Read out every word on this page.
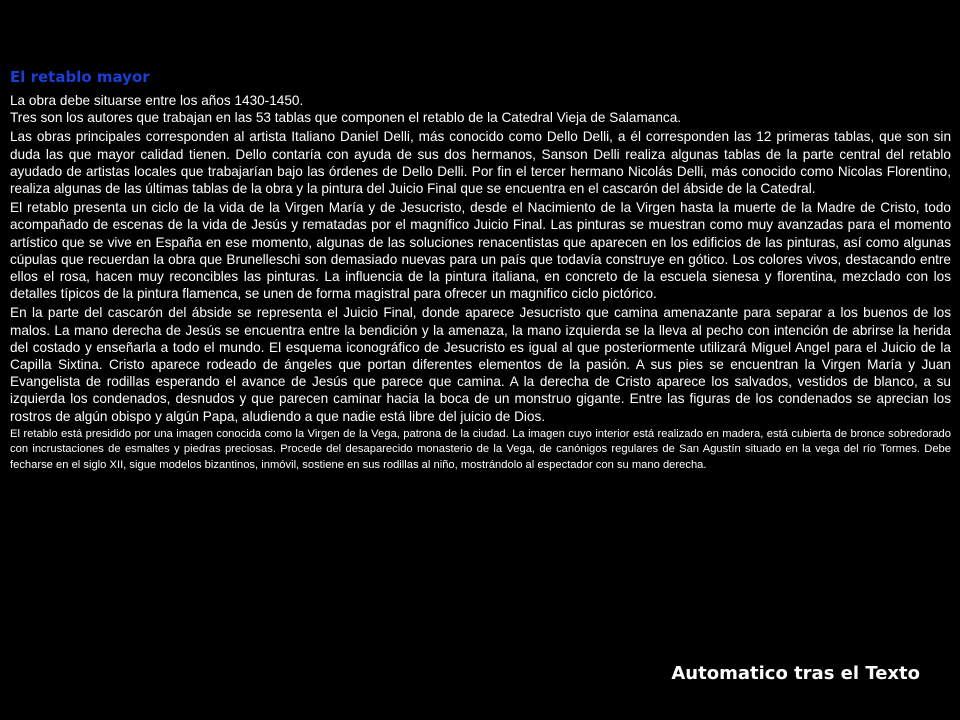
El retablo mayor

La obra debe situarse entre los años 1430-1450.

Tres son los autores que trabajan en las 53 tablas que componen el retablo de la Catedral Vieja de Salamanca.

Las obras principales corresponden al artista Italiano Daniel Delli, más conocido como Dello Delli, a él corresponden las 12 primeras tablas, que son sin duda las que mayor calidad tienen. Dello contaría con ayuda de sus dos hermanos, Sanson Delli realiza algunas tablas de la parte central del retablo ayudado de artistas locales que trabajarían bajo las órdenes de Dello Delli. Por fin el tercer hermano Nicolás Delli, más conocido como Nicolas Florentino, realiza algunas de las últimas tablas de la obra y la pintura del Juicio Final que se encuentra en el cascarón del ábside de la Catedral.

El retablo presenta un ciclo de la vida de la Virgen María y de Jesucristo, desde el Nacimiento de la Virgen hasta la muerte de la Madre de Cristo, todo acompañado de escenas de la vida de Jesús y rematadas por el magnífico Juicio Final. Las pinturas se muestran como muy avanzadas para el momento artístico que se vive en España en ese momento, algunas de las soluciones renacentistas que aparecen en los edificios de las pinturas, así como algunas cúpulas que recuerdan la obra que Brunelleschi son demasiado nuevas para un país que todavía construye en gótico. Los colores vivos, destacando entre ellos el rosa, hacen muy reconcibles las pinturas. La influencia de la pintura italiana, en concreto de la escuela sienesa y florentina, mezclado con los detalles típicos de la pintura flamenca, se unen de forma magistral para ofrecer un magnifico ciclo pictórico.

En la parte del cascarón del ábside se representa el Juicio Final, donde aparece Jesucristo que camina amenazante para separar a los buenos de los malos. La mano derecha de Jesús se encuentra entre la bendición y la amenaza, la mano izquierda se la lleva al pecho con intención de abrirse la herida del costado y enseñarla a todo el mundo. El esquema iconográfico de Jesucristo es igual al que posteriormente utilizará Miguel Angel para el Juicio de la Capilla Sixtina. Cristo aparece rodeado de ángeles que portan diferentes elementos de la pasión. A sus pies se encuentran la Virgen María y Juan Evangelista de rodillas esperando el avance de Jesús que parece que camina. A la derecha de Cristo aparece los salvados, vestidos de blanco, a su izquierda los condenados, desnudos y que parecen caminar hacia la boca de un monstruo gigante. Entre las figuras de los condenados se aprecian los rostros de algún obispo y algún Papa, aludiendo a que nadie está libre del juicio de Dios.

El retablo está presidido por una imagen conocida como la Virgen de la Vega, patrona de la ciudad. La imagen cuyo interior está realizado en madera, está cubierta de bronce sobredorado con incrustaciones de esmaltes y piedras preciosas. Procede del desaparecido monasterio de la Vega, de canónigos regulares de San Agustín situado en la vega del río Tormes. Debe fecharse en el siglo XII, sigue modelos bizantinos, inmóvil, sostiene en sus rodillas al niño, mostrándolo al espectador con su mano derecha.

Automatico tras el Texto
